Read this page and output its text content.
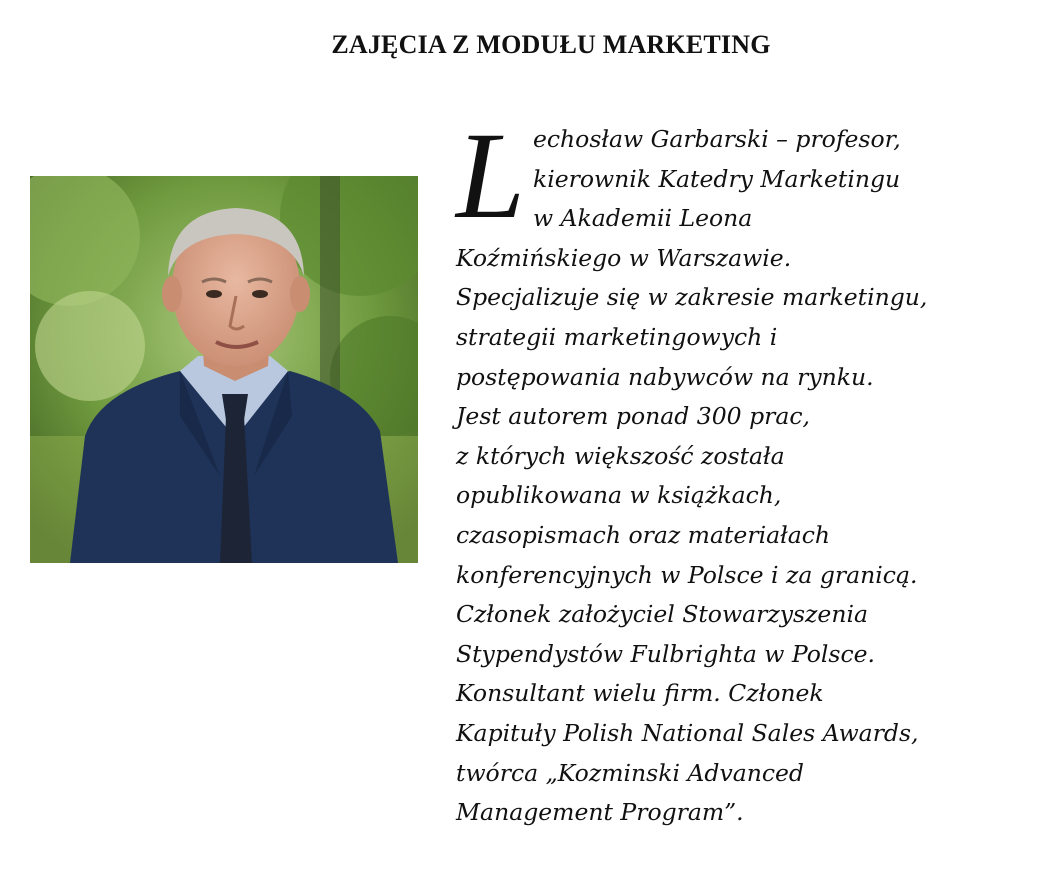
ZAJĘCIA Z MODUŁU MARKETING
L echosław Garbarski – profesor,
kierownik Katedry Marketingu
w Akademii Leona
Koźmińskiego w Warszawie.
Specjalizuje się w zakresie marketingu,
strategii marketingowych i
postępowania nabywców na rynku.
Jest autorem ponad 300 prac,
z których większość została
opublikowana w książkach,
czasopismach oraz materiałach
konferencyjnych w Polsce i za granicą.
Członek założyciel Stowarzyszenia
Stypendystów Fulbrighta w Polsce.
Konsultant wielu firm. Członek
Kapituły Polish National Sales Awards,
twórca „Kozminski Advanced
Management Program”.
